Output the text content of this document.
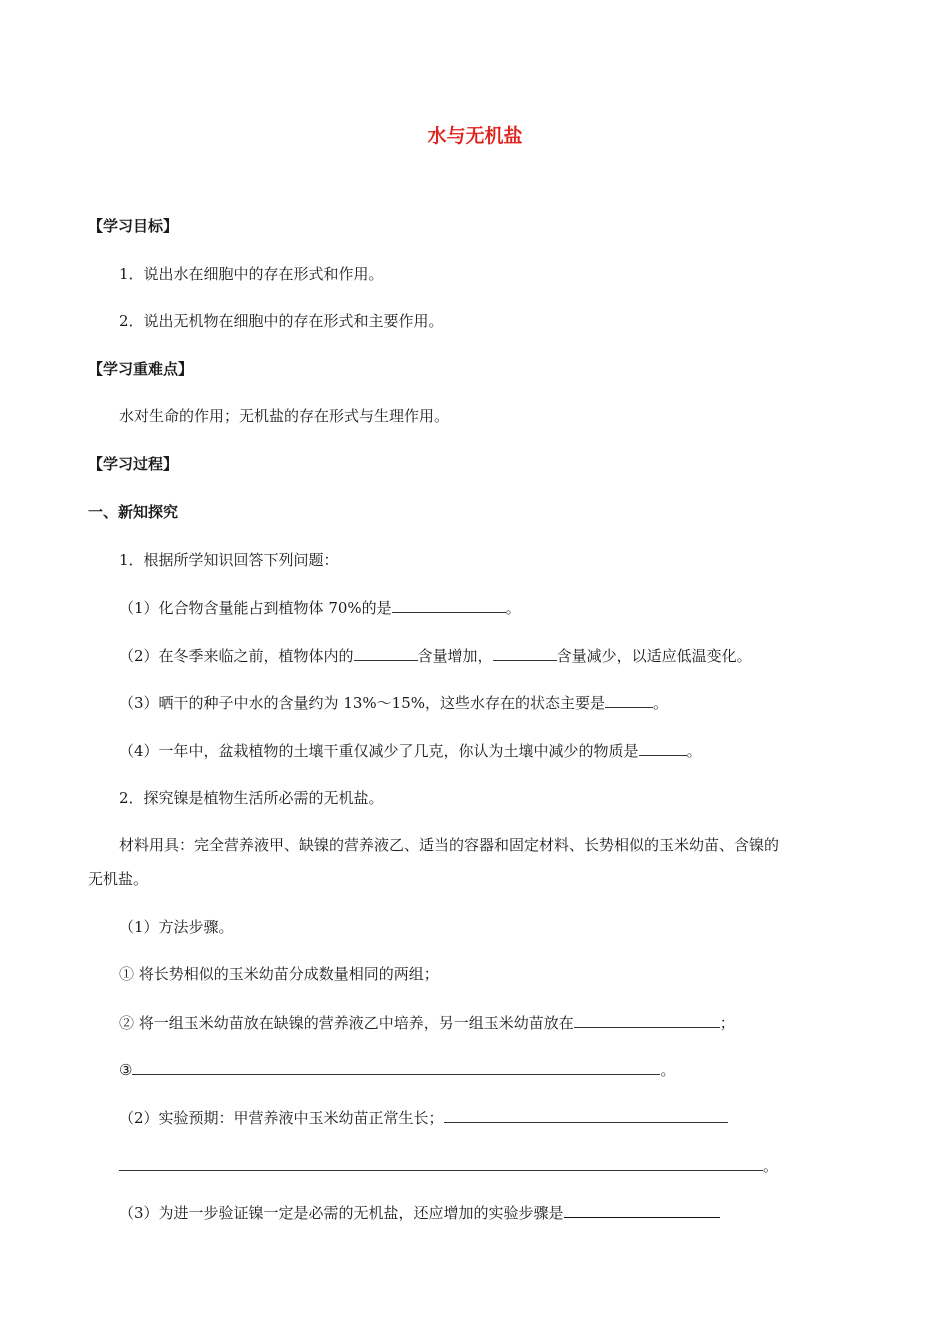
水与无机盐
【学习目标】
1．说出水在细胞中的存在形式和作用。
2．说出无机物在细胞中的存在形式和主要作用。
【学习重难点】
水对生命的作用；无机盐的存在形式与生理作用。
【学习过程】
一、新知探究
1．根据所学知识回答下列问题：
（1）化合物含量能占到植物体 70%的是	。
（2）在冬季来临之前，植物体内的	含量增加，	含量减少，以适应低温变化。
（3）晒干的种子中水的含量约为 13%～15%，这些水存在的状态主要是	。
（4）一年中，盆栽植物的土壤干重仅减少了几克，你认为土壤中减少的物质是	。
2．探究镍是植物生活所必需的无机盐。
材料用具：完全营养液甲、缺镍的营养液乙、适当的容器和固定材料、长势相似的玉米幼苗、含镍的
无机盐。
（1）方法步骤。
① 将长势相似的玉米幼苗分成数量相同的两组；
② 将一组玉米幼苗放在缺镍的营养液乙中培养，另一组玉米幼苗放在	；
③	。
（2）实验预期：甲营养液中玉米幼苗正常生长；
。
（3）为进一步验证镍一定是必需的无机盐，还应增加的实验步骤是
